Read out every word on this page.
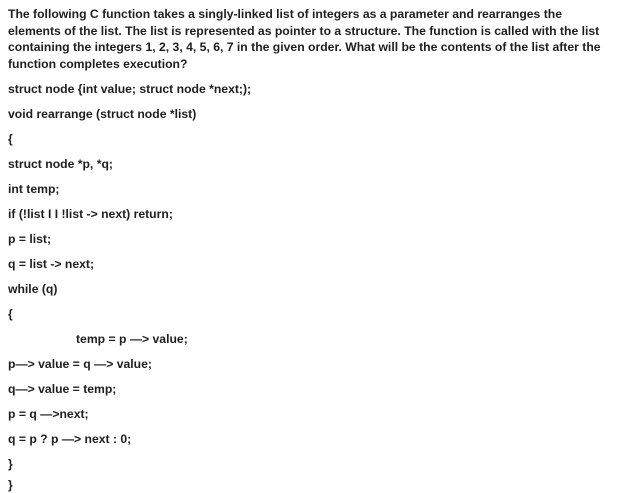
The following C function takes a singly-linked list of integers as a parameter and rearranges the elements of the list. The list is represented as pointer to a structure. The function is called with the list containing the integers 1, 2, 3, 4, 5, 6, 7 in the given order. What will be the contents of the list after the function completes execution?
struct node {int value; struct node *next;);
void rearrange (struct node *list)
{
struct node *p, *q;
int temp;
if (!list I I !list -> next) return;
p = list;
q = list -> next;
while (q)
{
temp = p —> value;
p—> value = q —> value;
q—> value = temp;
p = q —>next;
q = p ? p —> next : 0;
}
}
